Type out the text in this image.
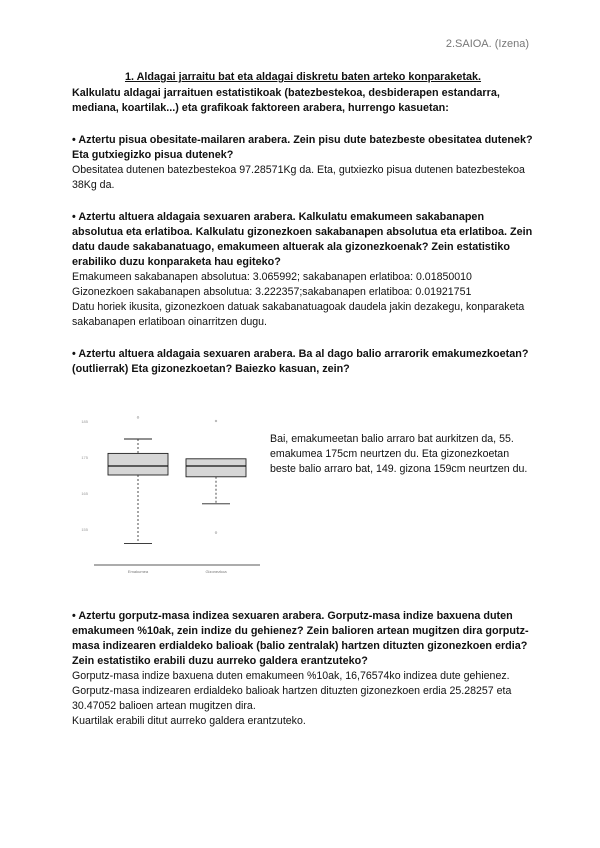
2.SAIOA. (Izena)

1. Aldagai jarraitu bat eta aldagai diskretu baten arteko konparaketak.

Kalkulatu aldagai jarraituen estatistikoak (batezbestekoa, desbiderapen estandarra, mediana, koartilak...) eta grafikoak faktoreen arabera, hurrengo kasuetan:

• Aztertu pisua obesitate-mailaren arabera. Zein pisu dute batezbeste obesitatea dutenek? Eta gutxiegizko pisua dutenek?

Obesitatea dutenen batezbestekoa 97.28571Kg da. Eta, gutxiezko pisua dutenen batezbestekoa 38Kg da.

• Aztertu altuera aldagaia sexuaren arabera. Kalkulatu emakumeen sakabanapen absolutua eta erlatiboa. Kalkulatu gizonezkoen sakabanapen absolutua eta erlatiboa. Zein datu daude sakabanatuago, emakumeen altuerak ala gizonezkoenak? Zein estatistiko erabiliko duzu konparaketa hau egiteko?

Emakumeen sakabanapen absolutua: 3.065992; sakabanapen erlatiboa: 0.01850010

Gizonezkoen sakabanapen absolutua: 3.222357;sakabanapen erlatiboa: 0.01921751

Datu horiek ikusita, gizonezkoen datuak sakabanatuagoak daudela jakin dezakegu, konparaketa sakabanapen erlatiboan oinarritzen dugu.

• Aztertu altuera aldagaia sexuaren arabera. Ba al dago balio arrarorik emakumezkoetan? (outlierrak) Eta gizonezkoetan? Baiezko kasuan, zein?

185
175
165
155
Emakumea	Gizonezkoa

Bai, emakumeetan balio arraro bat aurkitzen da, 55. emakumea 175cm neurtzen du. Eta gizonezkoetan beste balio arraro bat, 149. gizona 159cm neurtzen du.

• Aztertu gorputz-masa indizea sexuaren arabera. Gorputz-masa indize baxuena duten emakumeen %10ak, zein indize du gehienez? Zein balioren artean mugitzen dira gorputz-masa indizearen erdialdeko balioak (balio zentralak) hartzen dituzten gizonezkoen erdia? Zein estatistiko erabili duzu aurreko galdera erantzuteko?

Gorputz-masa indize baxuena duten emakumeen %10ak, 16,76574ko indizea dute gehienez.

Gorputz-masa indizearen erdialdeko balioak hartzen dituzten gizonezkoen erdia 25.28257 eta 30.47052 balioen artean mugitzen dira.

Kuartilak erabili ditut aurreko galdera erantzuteko.
